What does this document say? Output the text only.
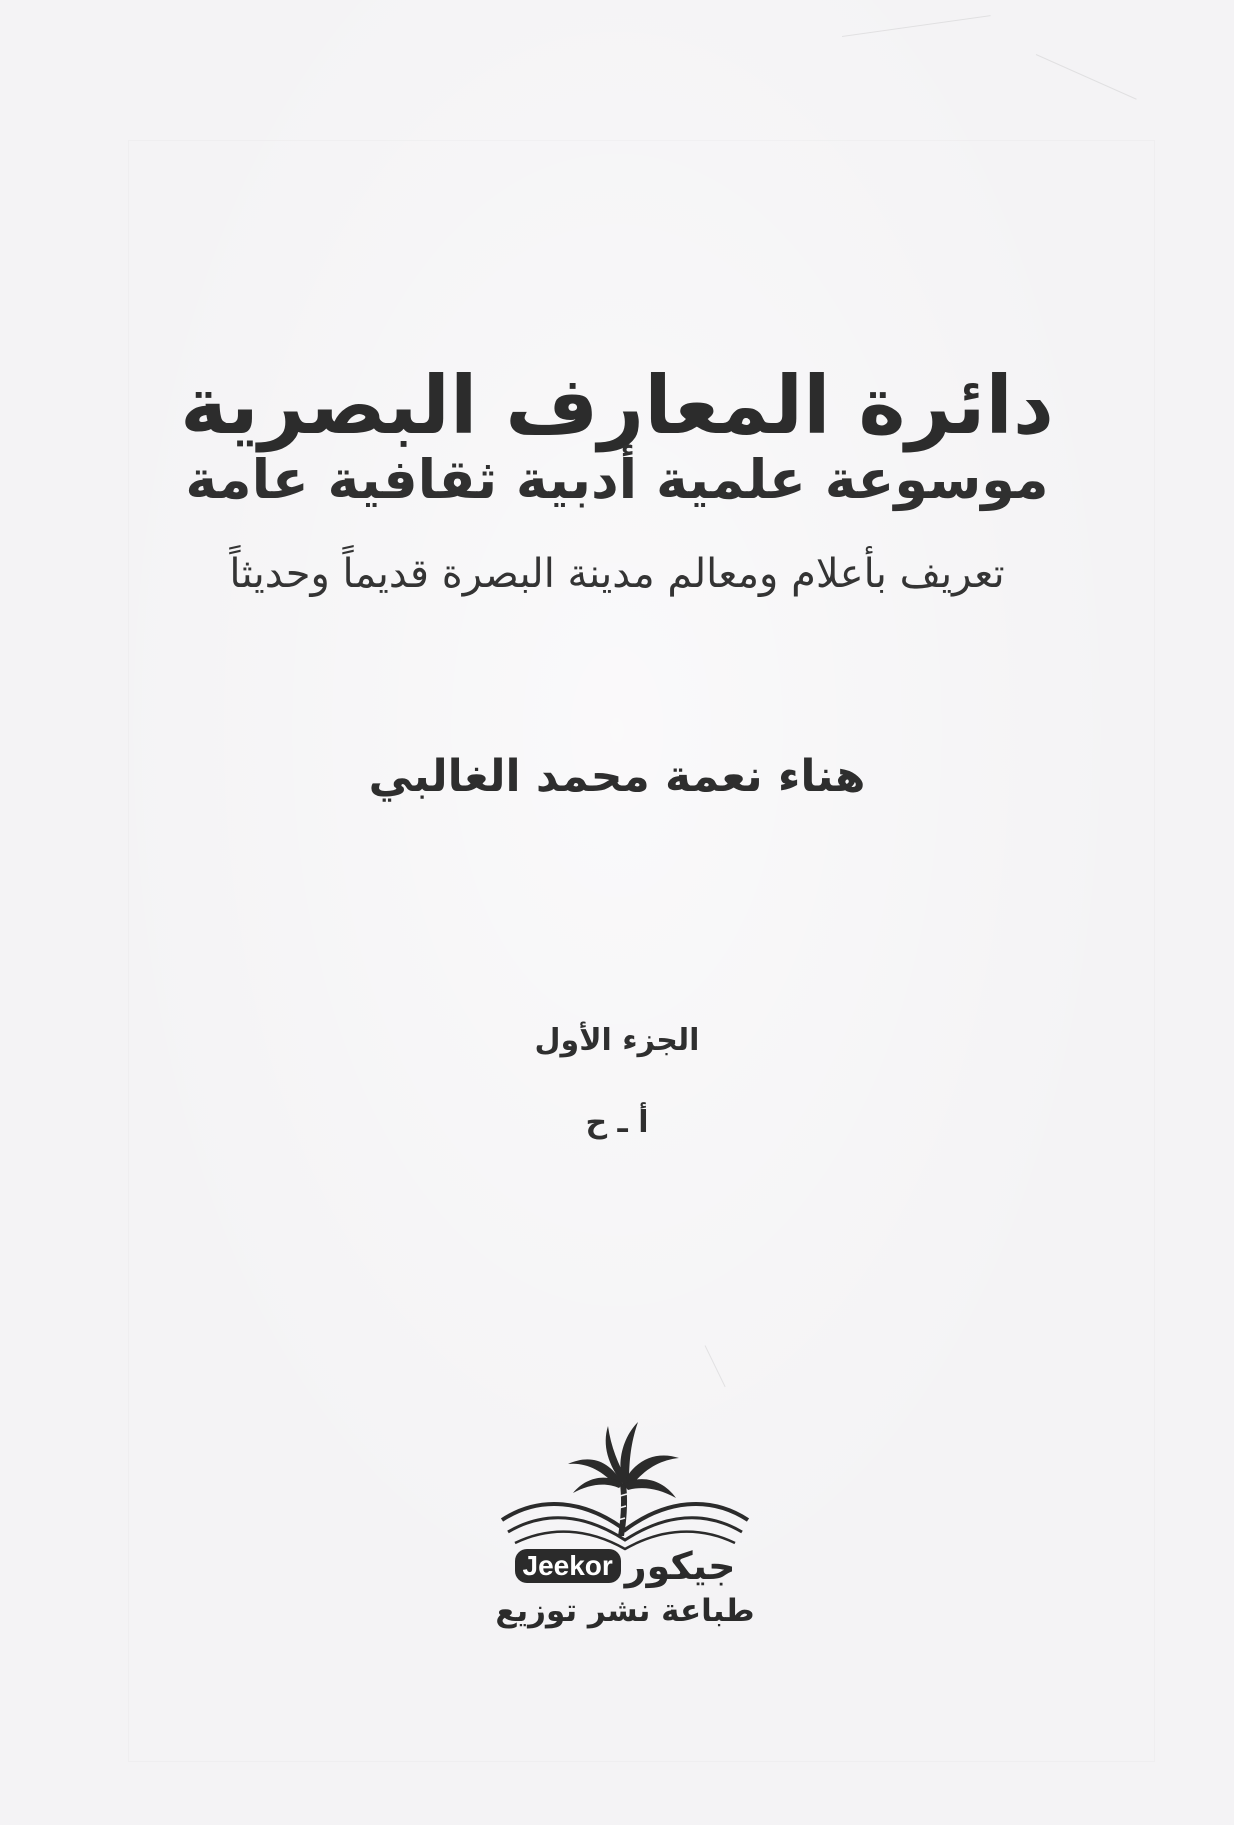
دائرة المعارف البصرية
موسوعة علمية أدبية ثقافية عامة
تعريف بأعلام ومعالم مدينة البصرة قديماً وحديثاً
هناء نعمة محمد الغالبي
الجزء الأول
أ ـ ح
Jeekor جيكور
طباعة نشر توزيع
